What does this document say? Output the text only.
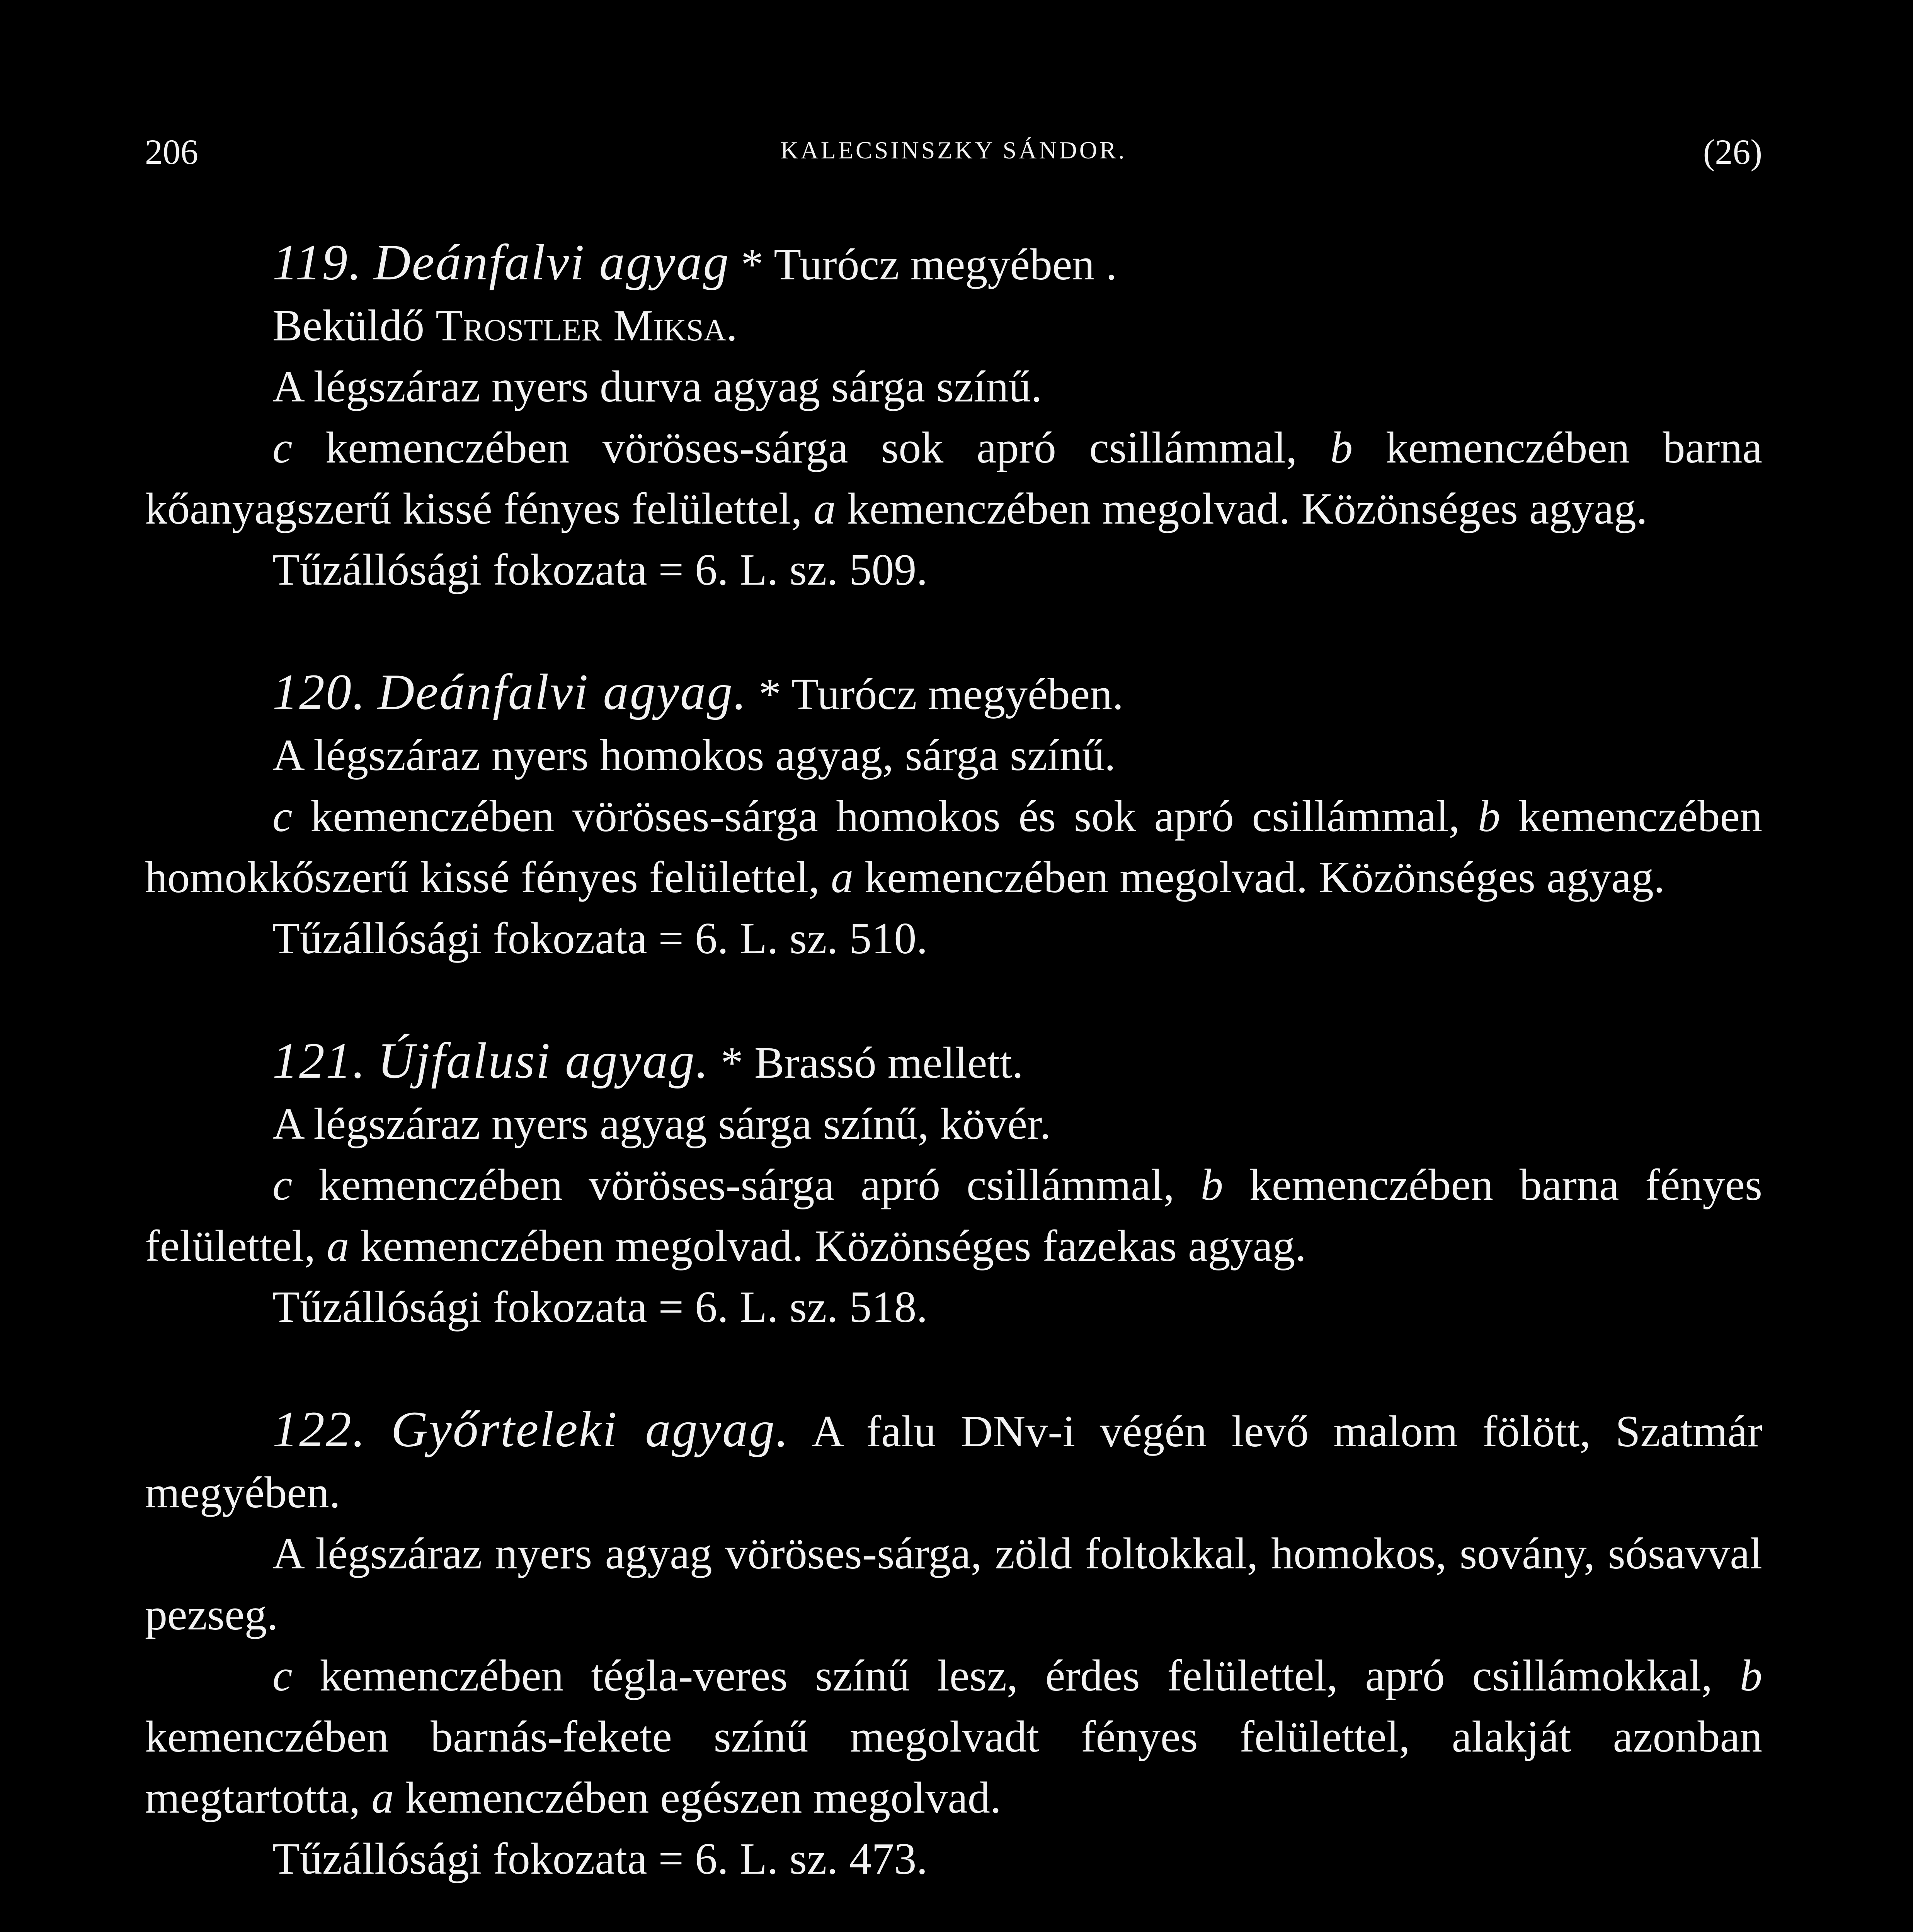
206	KALECSINSZKY SÁNDOR.	(26)

119. Deánfalvi agyag * Turócz megyében .

Beküldő Trostler Miksa.

A légszáraz nyers durva agyag sárga színű.

c kemenczében vöröses-sárga sok apró csillámmal, b kemenczében barna kőanyagszerű kissé fényes felülettel, a kemenczében megolvad. Közönséges agyag.

Tűzállósági fokozata = 6. L. sz. 509.

120. Deánfalvi agyag. * Turócz megyében.

A légszáraz nyers homokos agyag, sárga színű.

c kemenczében vöröses-sárga homokos és sok apró csillámmal, b kemenczében homokkőszerű kissé fényes felülettel, a kemenczében megolvad. Közönséges agyag.

Tűzállósági fokozata = 6. L. sz. 510.

121. Újfalusi agyag. * Brassó mellett.

A légszáraz nyers agyag sárga színű, kövér.

c kemenczében vöröses-sárga apró csillámmal, b kemenczében barna fényes felülettel, a kemenczében megolvad. Közönséges fazekas agyag.

Tűzállósági fokozata = 6. L. sz. 518.

122. Győrteleki agyag. A falu DNv-i végén levő malom fölött, Szatmár megyében.

A légszáraz nyers agyag vöröses-sárga, zöld foltokkal, homokos, sovány, sósavval pezseg.

c kemenczében tégla-veres színű lesz, érdes felülettel, apró csillámokkal, b kemenczében barnás-fekete színű megolvadt fényes felülettel, alakját azonban megtartotta, a kemenczében egészen megolvad.

Tűzállósági fokozata = 6. L. sz. 473.
